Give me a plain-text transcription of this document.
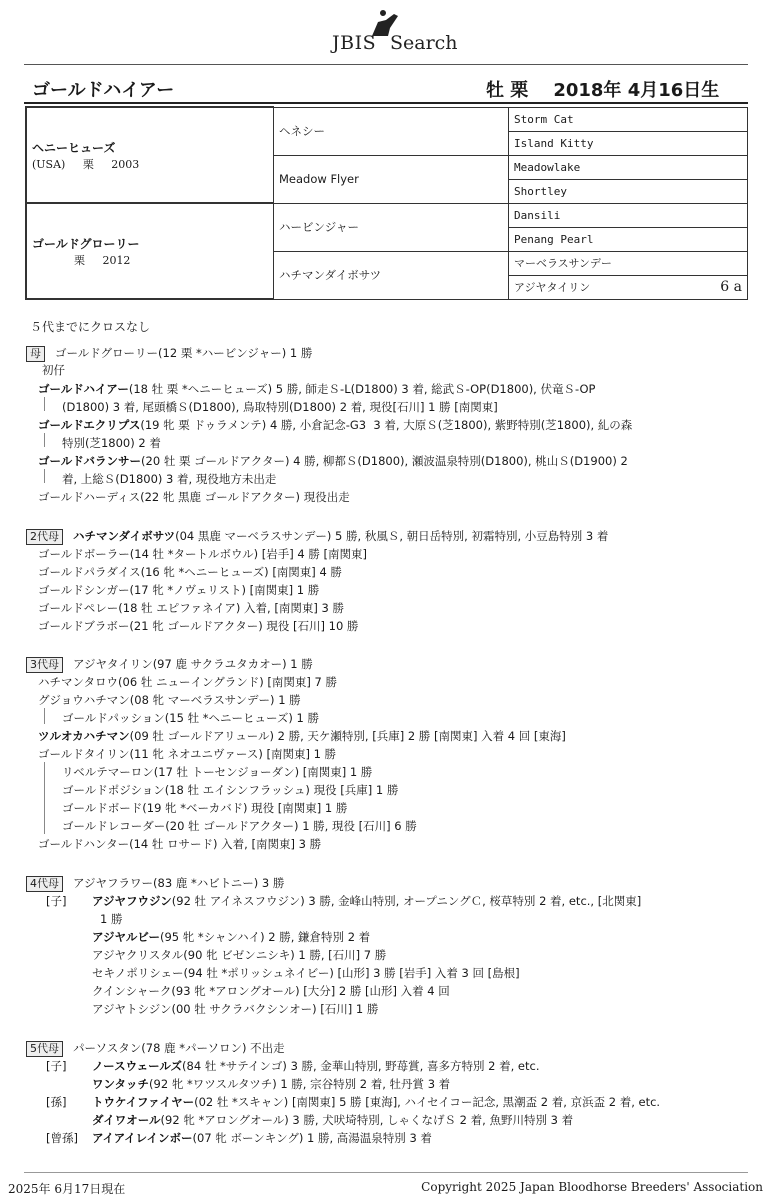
JBIS Search
ゴールドハイアー	牡 栗    2018年 4月16日生
ヘニーヒューズ
(USA)     栗     2003	ヘネシー	Storm Cat
		Island Kitty
	Meadow Flyer	Meadowlake
		Shortley

ゴールドグローリー
栗     2012	ハービンジャー	Dansili
		Penang Pearl
	ハチマンダイボサツ	マーベラスサンデー
		アジヤタイリン 6 a
５代までにクロスなし
母 ゴールドグローリー(12 栗 *ハービンジャー) 1 勝
初仔
ゴールドハイアー(18 牡 栗 *ヘニーヒューズ) 5 勝, 師走Ｓ-L(D1800) 3 着, 総武Ｓ-OP(D1800), 伏竜Ｓ-OP
(D1800) 3 着, 尾頭橋Ｓ(D1800), 鳥取特別(D1800) 2 着, 現役[石川] 1 勝 [南関東]
ゴールドエクリプス(19 牝 栗 ドゥラメンテ) 4 勝, 小倉記念-G3  3 着, 大原Ｓ(芝1800), 紫野特別(芝1800), 糺の森
特別(芝1800) 2 着
ゴールドバランサー(20 牡 栗 ゴールドアクター) 4 勝, 柳都Ｓ(D1800), 瀬波温泉特別(D1800), 桃山Ｓ(D1900) 2
着, 上総Ｓ(D1800) 3 着, 現役地方未出走
ゴールドハーディス(22 牝 黒鹿 ゴールドアクター) 現役出走
2代母 ハチマンダイボサツ(04 黒鹿 マーベラスサンデー) 5 勝, 秋風Ｓ, 朝日岳特別, 初霜特別, 小豆島特別 3 着
ゴールドボーラー(14 牡 *タートルボウル) [岩手] 4 勝 [南関東]
ゴールドパラダイス(16 牝 *ヘニーヒューズ) [南関東] 4 勝
ゴールドシンガー(17 牝 *ノヴェリスト) [南関東] 1 勝
ゴールドペレー(18 牡 エピファネイア) 入着, [南関東] 3 勝
ゴールドブラボー(21 牝 ゴールドアクター) 現役 [石川] 10 勝
3代母 アジヤタイリン(97 鹿 サクラユタカオー) 1 勝
ハチマンタロウ(06 牡 ニューイングランド) [南関東] 7 勝
グジョウハチマン(08 牝 マーベラスサンデー) 1 勝
ゴールドパッション(15 牡 *ヘニーヒューズ) 1 勝
ツルオカハチマン(09 牡 ゴールドアリュール) 2 勝, 天ケ瀬特別, [兵庫] 2 勝 [南関東] 入着 4 回 [東海]
ゴールドタイリン(11 牝 ネオユニヴァース) [南関東] 1 勝
リベルテマーロン(17 牡 トーセンジョーダン) [南関東] 1 勝
ゴールドポジション(18 牡 エイシンフラッシュ) 現役 [兵庫] 1 勝
ゴールドボード(19 牝 *ベーカバド) 現役 [南関東] 1 勝
ゴールドレコーダー(20 牡 ゴールドアクター) 1 勝, 現役 [石川] 6 勝
ゴールドハンター(14 牡 ロサード) 入着, [南関東] 3 勝
4代母 アジヤフラワー(83 鹿 *ハビトニー) 3 勝
[子] アジヤフウジン(92 牡 アイネスフウジン) 3 勝, 金峰山特別, オープニングＣ, 桜草特別 2 着, etc., [北関東]
1 勝
アジヤルビー(95 牝 *シャンハイ) 2 勝, 鎌倉特別 2 着
アジヤクリスタル(90 牝 ビゼンニシキ) 1 勝, [石川] 7 勝
セキノポリシェー(94 牡 *ポリッシュネイビー) [山形] 3 勝 [岩手] 入着 3 回 [島根]
クインシャーク(93 牝 *アロングオール) [大分] 2 勝 [山形] 入着 4 回
アジヤトシジン(00 牡 サクラバクシンオー) [石川] 1 勝
5代母 パーソスタン(78 鹿 *パーソロン) 不出走
[子] ノースウェールズ(84 牡 *サテインゴ) 3 勝, 金華山特別, 野苺賞, 喜多方特別 2 着, etc.
ワンタッチ(92 牝 *ワツスルタツチ) 1 勝, 宗谷特別 2 着, 牡丹賞 3 着
[孫] トウケイファイヤー(02 牡 *スキャン) [南関東] 5 勝 [東海], ハイセイコー記念, 黒潮盃 2 着, 京浜盃 2 着, etc.
ダイワオール(92 牝 *アロングオール) 3 勝, 犬吠埼特別, しゃくなげＳ 2 着, 魚野川特別 3 着
[曾孫] アイアイレインボー(07 牝 ボーンキング) 1 勝, 高湯温泉特別 3 着
2025年 6月17日現在	Copyright 2025 Japan Bloodhorse Breeders' Association
